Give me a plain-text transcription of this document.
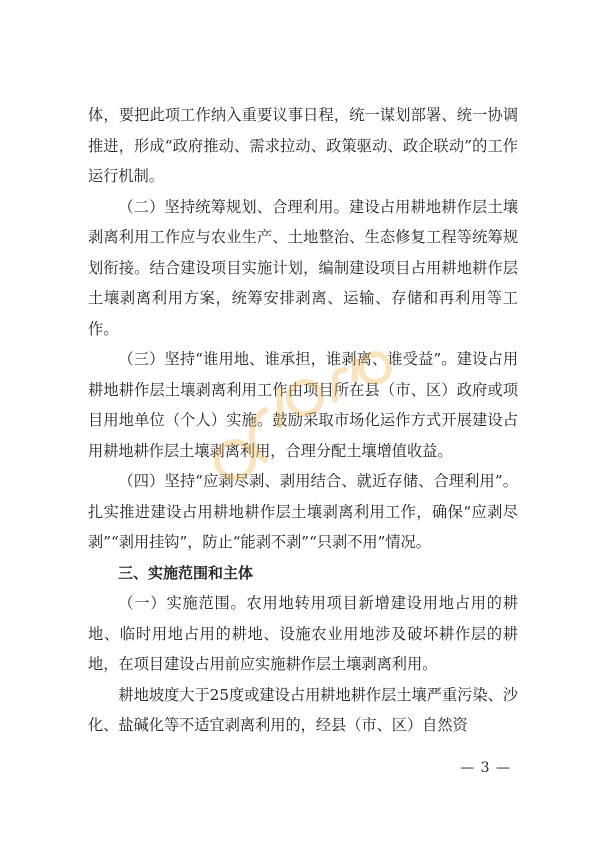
体，要把此项工作纳入重要议事日程，统一谋划部署、统一协调推进，形成“政府推动、需求拉动、政策驱动、政企联动”的工作运行机制。

（二）坚持统筹规划、合理利用。建设占用耕地耕作层土壤剥离利用工作应与农业生产、土地整治、生态修复工程等统筹规划衔接。结合建设项目实施计划，编制建设项目占用耕地耕作层土壤剥离利用方案，统筹安排剥离、运输、存储和再利用等工作。

（三）坚持“谁用地、谁承担，谁剥离、谁受益”。建设占用耕地耕作层土壤剥离利用工作由项目所在县（市、区）政府或项目用地单位（个人）实施。鼓励采取市场化运作方式开展建设占用耕地耕作层土壤剥离利用，合理分配土壤增值收益。

（四）坚持“应剥尽剥、剥用结合、就近存储、合理利用”。扎实推进建设占用耕地耕作层土壤剥离利用工作，确保“应剥尽剥”“剥用挂钩”，防止“能剥不剥”“只剥不用”情况。

三、实施范围和主体

（一）实施范围。农用地转用项目新增建设用地占用的耕地、临时用地占用的耕地、设施农业用地涉及破坏耕作层的耕地，在项目建设占用前应实施耕作层土壤剥离利用。

耕地坡度大于25度或建设占用耕地耕作层土壤严重污染、沙化、盐碱化等不适宜剥离利用的，经县（市、区）自然资

— 3 —
